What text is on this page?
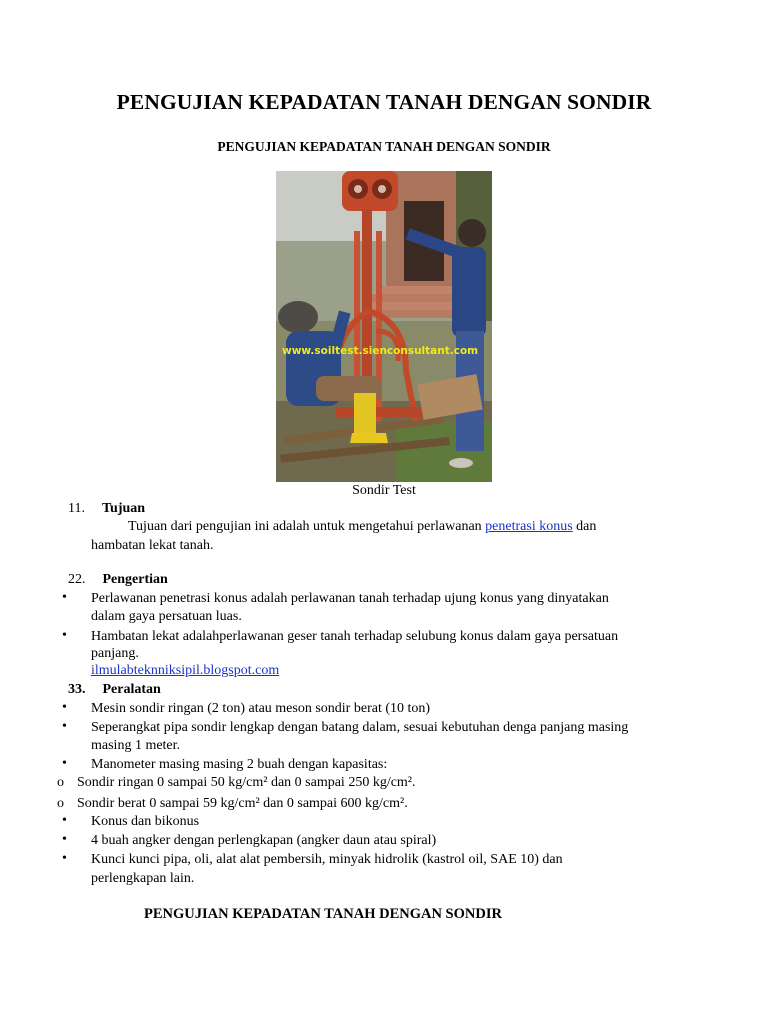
PENGUJIAN KEPADATAN TANAH DENGAN SONDIR
PENGUJIAN KEPADATAN TANAH DENGAN SONDIR
www.soiltest.sienconsultant.com
Sondir Test
11. Tujuan
Tujuan dari pengujian ini adalah untuk mengetahui perlawanan penetrasi konus dan
hambatan lekat tanah.
22. Pengertian
• Perlawanan penetrasi konus adalah perlawanan tanah terhadap ujung konus yang dinyatakan
dalam gaya persatuan luas.
• Hambatan lekat adalahperlawanan geser tanah terhadap selubung konus dalam gaya persatuan
panjang.
ilmulabteknniksipil.blogspot.com
33. Peralatan
• Mesin sondir ringan (2 ton) atau meson sondir berat (10 ton)
• Seperangkat pipa sondir lengkap dengan batang dalam, sesuai kebutuhan denga panjang masing
masing 1 meter.
• Manometer masing masing 2 buah dengan kapasitas:
o Sondir ringan 0 sampai 50 kg/cm² dan 0 sampai 250 kg/cm².
o Sondir berat 0 sampai 59 kg/cm² dan 0 sampai 600 kg/cm².
• Konus dan bikonus
• 4 buah angker dengan perlengkapan (angker daun atau spiral)
• Kunci kunci pipa, oli, alat alat pembersih, minyak hidrolik (kastrol oil, SAE 10) dan
perlengkapan lain.
PENGUJIAN KEPADATAN TANAH DENGAN SONDIR
